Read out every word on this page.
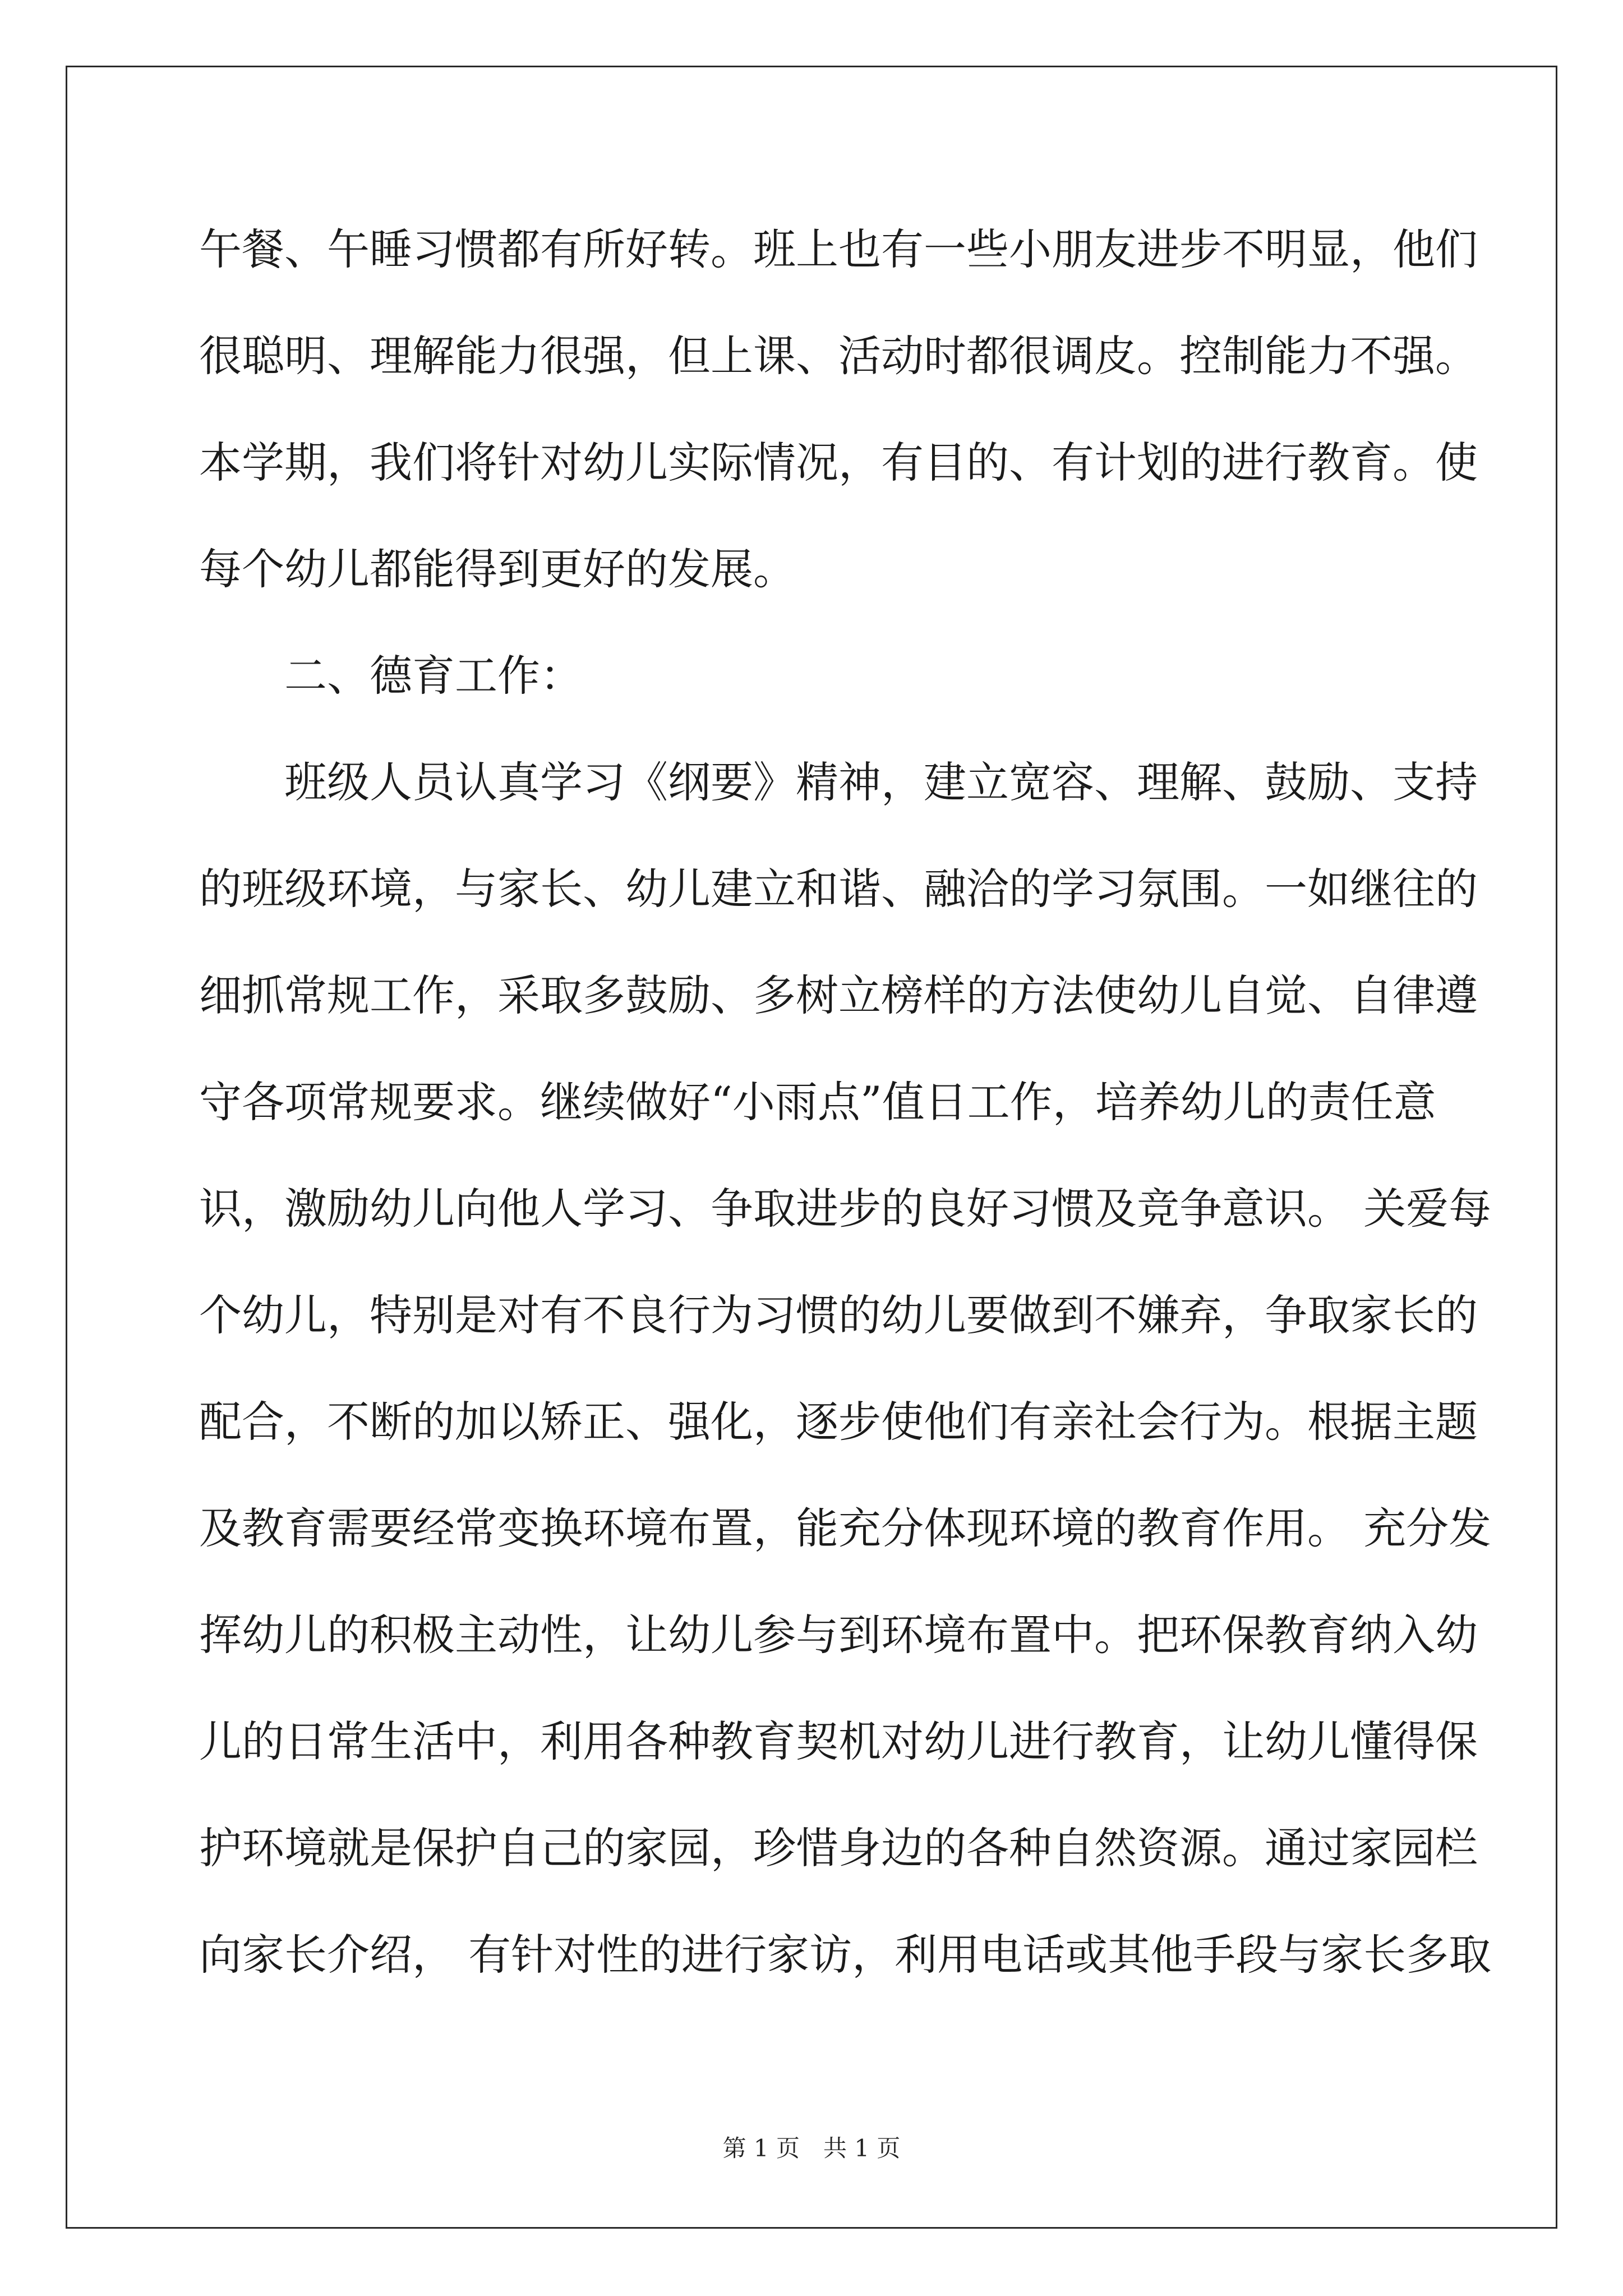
午餐、午睡习惯都有所好转。班上也有一些小朋友进步不明显，他们
很聪明、理解能力很强，但上课、活动时都很调皮。控制能力不强。
本学期，我们将针对幼儿实际情况，有目的、有计划的进行教育。使
每个幼儿都能得到更好的发展。
二、德育工作：
班级人员认真学习《纲要》精神，建立宽容、理解、鼓励、支持
的班级环境，与家长、幼儿建立和谐、融洽的学习氛围。一如继往的
细抓常规工作，采取多鼓励、多树立榜样的方法使幼儿自觉、自律遵
守各项常规要求。继续做好“小雨点”值日工作，培养幼儿的责任意
识，激励幼儿向他人学习、争取进步的良好习惯及竞争意识。 关爱每
个幼儿，特别是对有不良行为习惯的幼儿要做到不嫌弃，争取家长的
配合，不断的加以矫正、强化，逐步使他们有亲社会行为。根据主题
及教育需要经常变换环境布置，能充分体现环境的教育作用。 充分发
挥幼儿的积极主动性，让幼儿参与到环境布置中。把环保教育纳入幼
儿的日常生活中，利用各种教育契机对幼儿进行教育，让幼儿懂得保
护环境就是保护自己的家园，珍惜身边的各种自然资源。通过家园栏
向家长介绍， 有针对性的进行家访，利用电话或其他手段与家长多取
第 1 页　共 1 页
